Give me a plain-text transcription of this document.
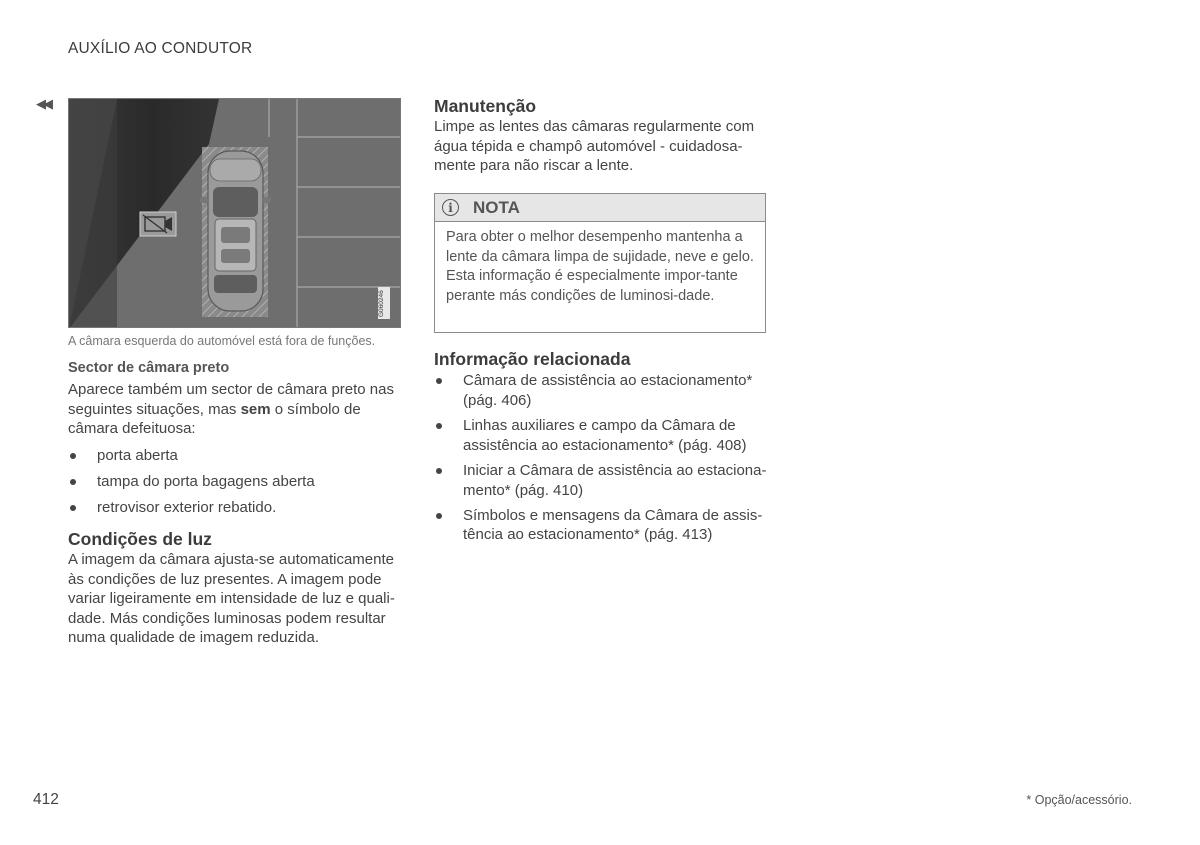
AUXÍLIO AO CONDUTOR
◀◀
G060246
A câmara esquerda do automóvel está fora de funções.
Sector de câmara preto
Aparece também um sector de câmara preto nas seguintes situações, mas sem o símbolo de câmara defeituosa:
porta aberta
tampa do porta bagagens aberta
retrovisor exterior rebatido.
Condições de luz
A imagem da câmara ajusta-se automaticamente às condições de luz presentes. A imagem pode variar ligeiramente em intensidade de luz e quali-dade. Más condições luminosas podem resultar numa qualidade de imagem reduzida.
Manutenção
Limpe as lentes das câmaras regularmente com água tépida e champô automóvel - cuidadosa-mente para não riscar a lente.
i	NOTA
Para obter o melhor desempenho mantenha a lente da câmara limpa de sujidade, neve e gelo. Esta informação é especialmente impor-tante perante más condições de luminosi-dade.
Informação relacionada
Câmara de assistência ao estacionamento* (pág. 406)
Linhas auxiliares e campo da Câmara de assistência ao estacionamento* (pág. 408)
Iniciar a Câmara de assistência ao estaciona-mento* (pág. 410)
Símbolos e mensagens da Câmara de assis-tência ao estacionamento* (pág. 413)
412	* Opção/acessório.
